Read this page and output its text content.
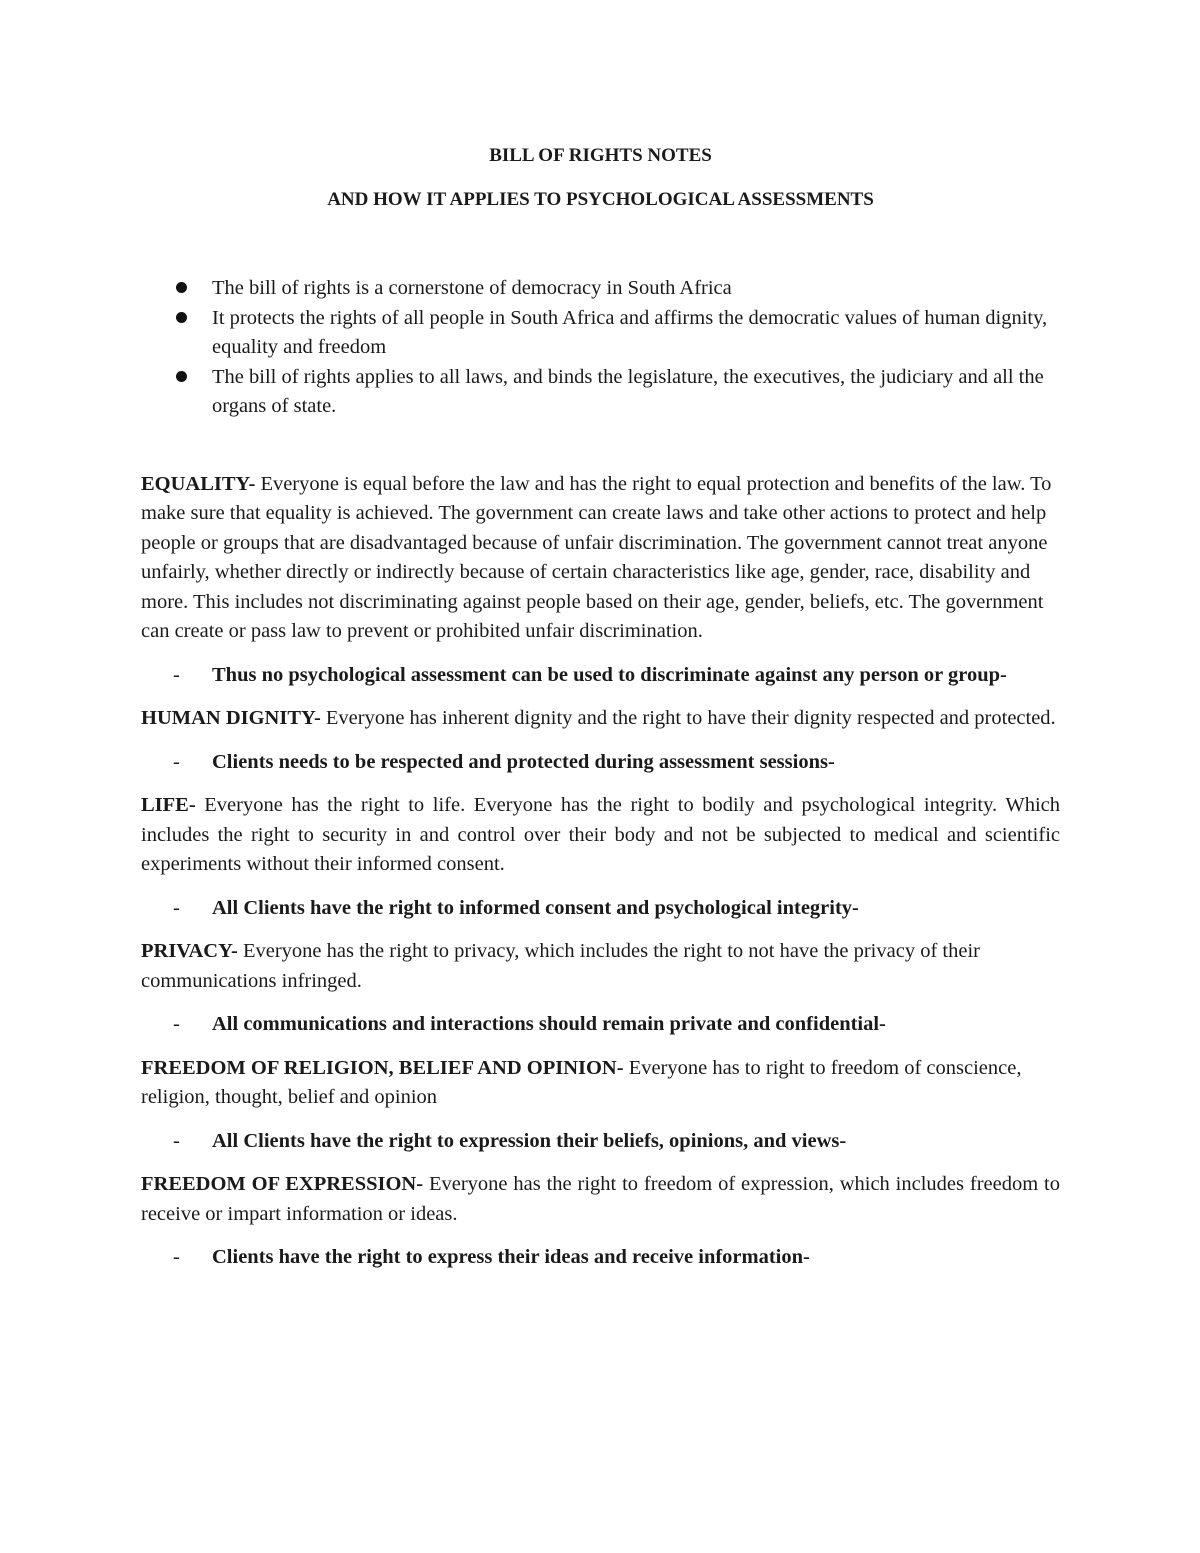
BILL OF RIGHTS NOTES
AND HOW IT APPLIES TO PSYCHOLOGICAL ASSESSMENTS
The bill of rights is a cornerstone of democracy in South Africa
It protects the rights of all people in South Africa and affirms the democratic values of human dignity, equality and freedom
The bill of rights applies to all laws, and binds the legislature, the executives, the judiciary and all the organs of state.

EQUALITY- Everyone is equal before the law and has the right to equal protection and benefits of the law. To make sure that equality is achieved. The government can create laws and take other actions to protect and help people or groups that are disadvantaged because of unfair discrimination. The government cannot treat anyone unfairly, whether directly or indirectly because of certain characteristics like age, gender, race, disability and more. This includes not discriminating against people based on their age, gender, beliefs, etc. The government can create or pass law to prevent or prohibited unfair discrimination.

- Thus no psychological assessment can be used to discriminate against any person or group-

HUMAN DIGNITY- Everyone has inherent dignity and the right to have their dignity respected and protected.

- Clients needs to be respected and protected during assessment sessions-

LIFE- Everyone has the right to life. Everyone has the right to bodily and psychological integrity. Which includes the right to security in and control over their body and not be subjected to medical and scientific experiments without their informed consent.

- All Clients have the right to informed consent and psychological integrity-

PRIVACY- Everyone has the right to privacy, which includes the right to not have the privacy of their communications infringed.

- All communications and interactions should remain private and confidential-

FREEDOM OF RELIGION, BELIEF AND OPINION- Everyone has to right to freedom of conscience, religion, thought, belief and opinion

- All Clients have the right to expression their beliefs, opinions, and views-

FREEDOM OF EXPRESSION- Everyone has the right to freedom of expression, which includes freedom to receive or impart information or ideas.

- Clients have the right to express their ideas and receive information-
